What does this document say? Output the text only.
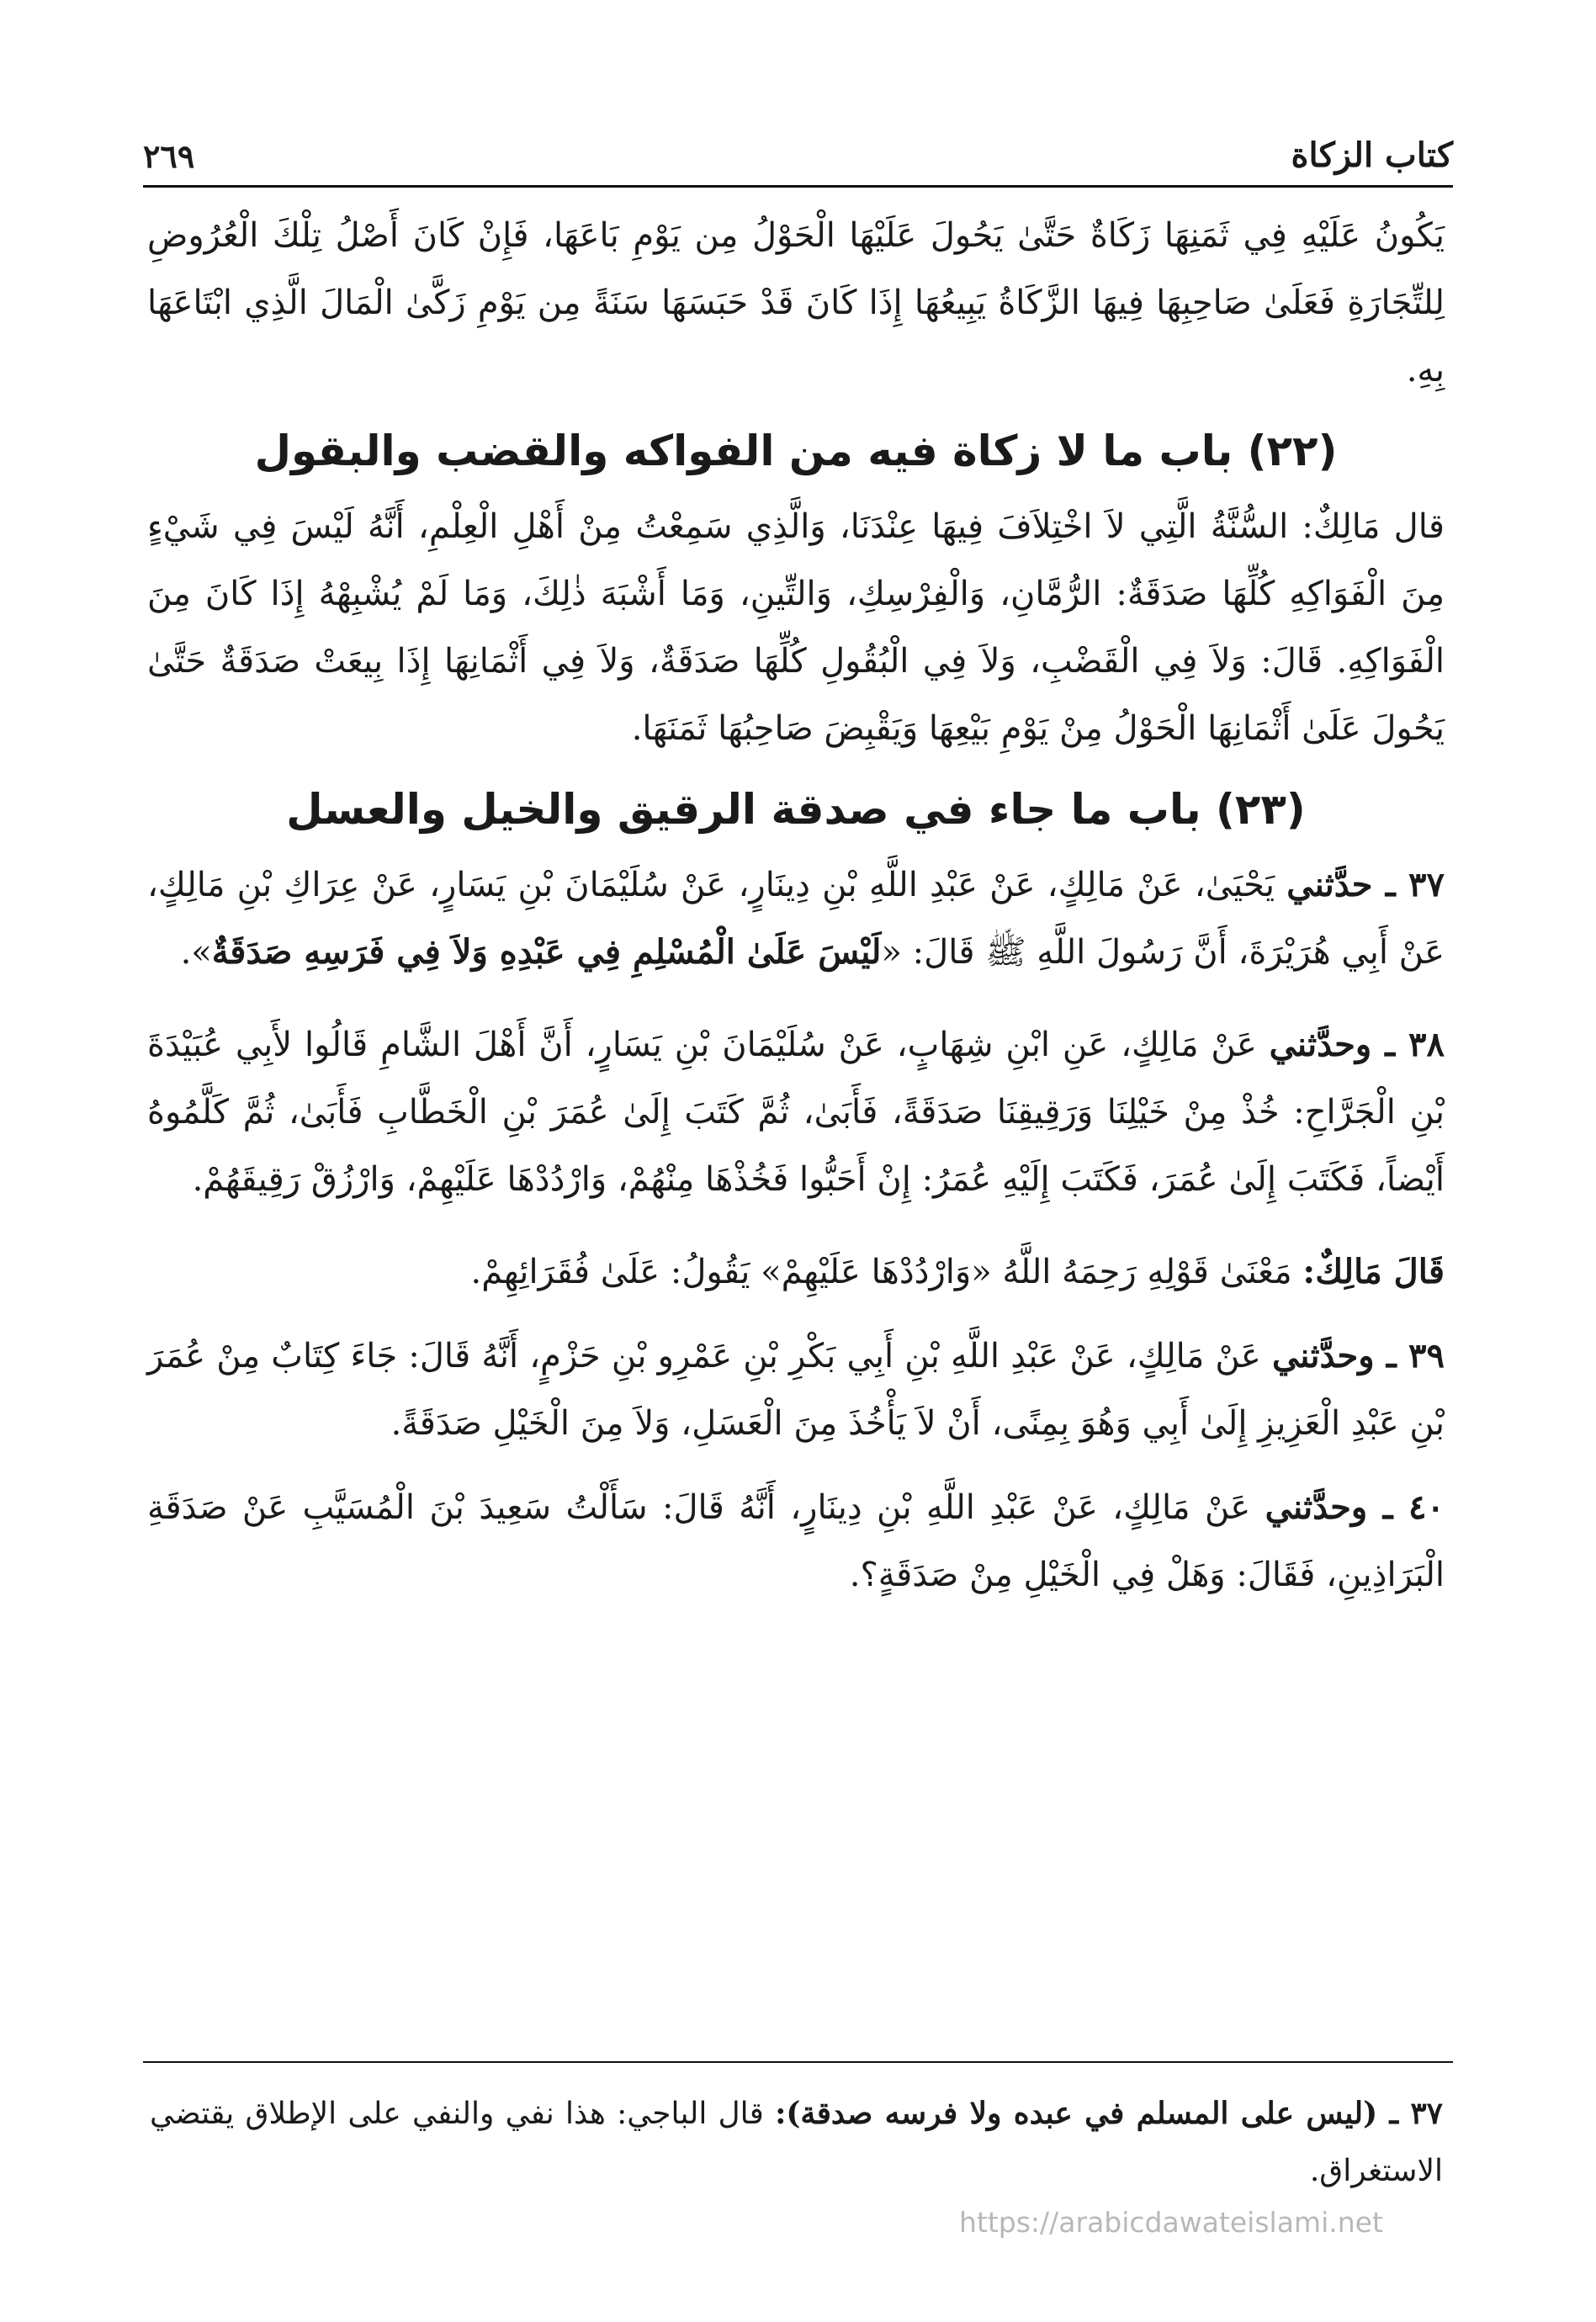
كتاب الزكاة
٢٦٩

يَكُونُ عَلَيْهِ فِي ثَمَنِهَا زَكَاةٌ حَتَّىٰ يَحُولَ عَلَيْهَا الْحَوْلُ مِن يَوْمِ بَاعَهَا، فَإِنْ كَانَ أَصْلُ تِلْكَ الْعُرُوضِ لِلتِّجَارَةِ فَعَلَىٰ صَاحِبِهَا فِيهَا الزَّكَاةُ يَبِيعُهَا إِذَا كَانَ قَدْ حَبَسَهَا سَنَةً مِن يَوْمِ زَكَّىٰ الْمَالَ الَّذِي ابْتَاعَهَا بِهِ.

(٢٢) باب ما لا زكاة فيه من الفواكه والقضب والبقول

قال مَالِكٌ: السُّنَّةُ الَّتِي لاَ اخْتِلاَفَ فِيهَا عِنْدَنَا، وَالَّذِي سَمِعْتُ مِنْ أَهْلِ الْعِلْمِ، أَنَّهُ لَيْسَ فِي شَيْءٍ مِنَ الْفَوَاكِهِ كُلِّهَا صَدَقَةٌ: الرُّمَّانِ، وَالْفِرْسِكِ، وَالتِّينِ، وَمَا أَشْبَهَ ذٰلِكَ، وَمَا لَمْ يُشْبِهْهُ إِذَا كَانَ مِنَ الْفَوَاكِهِ. قَالَ: وَلاَ فِي الْقَضْبِ، وَلاَ فِي الْبُقُولِ كُلِّهَا صَدَقَةٌ، وَلاَ فِي أَثْمَانِهَا إِذَا بِيعَتْ صَدَقَةٌ حَتَّىٰ يَحُولَ عَلَىٰ أَثْمَانِهَا الْحَوْلُ مِنْ يَوْمِ بَيْعِهَا وَيَقْبِضَ صَاحِبُهَا ثَمَنَهَا.

(٢٣) باب ما جاء في صدقة الرقيق والخيل والعسل

٣٧ ـ حدَّثني يَحْيَىٰ، عَنْ مَالِكٍ، عَنْ عَبْدِ اللَّهِ بْنِ دِينَارٍ، عَنْ سُلَيْمَانَ بْنِ يَسَارٍ، عَنْ عِرَاكِ بْنِ مَالِكٍ، عَنْ أَبِي هُرَيْرَةَ، أَنَّ رَسُولَ اللَّهِ ﷺ قَالَ: «لَيْسَ عَلَىٰ الْمُسْلِمِ فِي عَبْدِهِ وَلاَ فِي فَرَسِهِ صَدَقَةٌ».

٣٨ ـ وحدَّثني عَنْ مَالِكٍ، عَنِ ابْنِ شِهَابٍ، عَنْ سُلَيْمَانَ بْنِ يَسَارٍ، أَنَّ أَهْلَ الشَّامِ قَالُوا لأَبِي عُبَيْدَةَ بْنِ الْجَرَّاحِ: خُذْ مِنْ خَيْلِنَا وَرَقِيقِنَا صَدَقَةً، فَأَبَىٰ، ثُمَّ كَتَبَ إِلَىٰ عُمَرَ بْنِ الْخَطَّابِ فَأَبَىٰ، ثُمَّ كَلَّمُوهُ أَيْضاً، فَكَتَبَ إِلَىٰ عُمَرَ، فَكَتَبَ إِلَيْهِ عُمَرُ: إِنْ أَحَبُّوا فَخُذْهَا مِنْهُمْ، وَارْدُدْهَا عَلَيْهِمْ، وَارْزُقْ رَقِيقَهُمْ.

قَالَ مَالِكٌ: مَعْنَىٰ قَوْلِهِ رَحِمَهُ اللَّهُ «وَارْدُدْهَا عَلَيْهِمْ» يَقُولُ: عَلَىٰ فُقَرَائِهِمْ.

٣٩ ـ وحدَّثني عَنْ مَالِكٍ، عَنْ عَبْدِ اللَّهِ بْنِ أَبِي بَكْرِ بْنِ عَمْرِو بْنِ حَزْمٍ، أَنَّهُ قَالَ: جَاءَ كِتَابٌ مِنْ عُمَرَ بْنِ عَبْدِ الْعَزِيزِ إِلَىٰ أَبِي وَهُوَ بِمِنًى، أَنْ لاَ يَأْخُذَ مِنَ الْعَسَلِ، وَلاَ مِنَ الْخَيْلِ صَدَقَةً.

٤٠ ـ وحدَّثني عَنْ مَالِكٍ، عَنْ عَبْدِ اللَّهِ بْنِ دِينَارٍ، أَنَّهُ قَالَ: سَأَلْتُ سَعِيدَ بْنَ الْمُسَيَّبِ عَنْ صَدَقَةِ الْبَرَاذِينِ، فَقَالَ: وَهَلْ فِي الْخَيْلِ مِنْ صَدَقَةٍ؟.

٣٧ ـ (ليس على المسلم في عبده ولا فرسه صدقة): قال الباجي: هذا نفي والنفي على الإطلاق يقتضي الاستغراق.

https://arabicdawateislami.net
